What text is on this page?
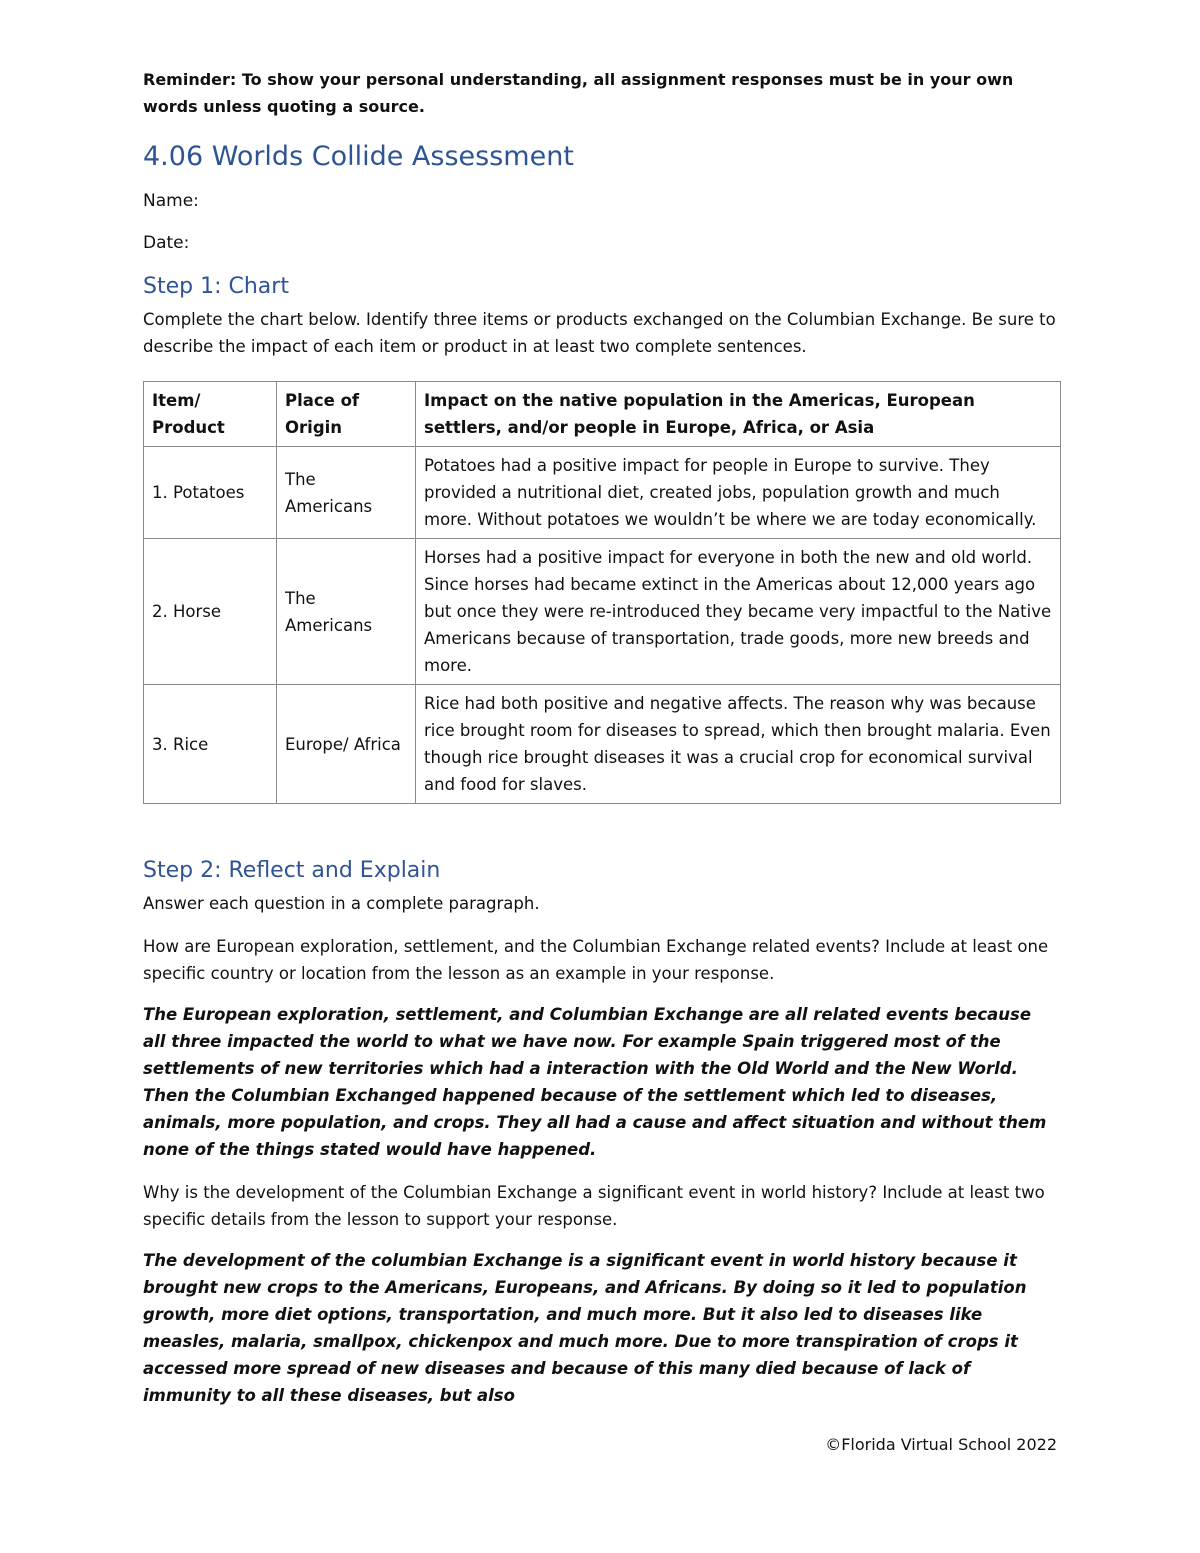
Reminder: To show your personal understanding, all assignment responses must be in your own words unless quoting a source.

4.06 Worlds Collide Assessment

Name:

Date:

Step 1: Chart

Complete the chart below. Identify three items or products exchanged on the Columbian Exchange. Be sure to describe the impact of each item or product in at least two complete sentences.

Item/ Product	Place of Origin	Impact on the native population in the Americas, European settlers, and/or people in Europe, Africa, or Asia
1. Potatoes	The Americans	Potatoes had a positive impact for people in Europe to survive. They provided a nutritional diet, created jobs, population growth and much more. Without potatoes we wouldn’t be where we are today economically.
2. Horse	The Americans	Horses had a positive impact for everyone in both the new and old world. Since horses had became extinct in the Americas about 12,000 years ago but once they were re-introduced they became very impactful to the Native Americans because of transportation, trade goods, more new breeds and more.
3. Rice	Europe/ Africa	Rice had both positive and negative affects. The reason why was because rice brought room for diseases to spread, which then brought malaria. Even though rice brought diseases it was a crucial crop for economical survival and food for slaves.
Step 2: Reflect and Explain

Answer each question in a complete paragraph.

How are European exploration, settlement, and the Columbian Exchange related events? Include at least one specific country or location from the lesson as an example in your response.

The European exploration, settlement, and Columbian Exchange are all related events because all three impacted the world to what we have now. For example Spain triggered most of the settlements of new territories which had a interaction with the Old World and the New World. Then the Columbian Exchanged happened because of the settlement which led to diseases, animals, more population, and crops. They all had a cause and affect situation and without them none of the things stated would have happened.

Why is the development of the Columbian Exchange a significant event in world history? Include at least two specific details from the lesson to support your response.

The development of the columbian Exchange is a significant event in world history because it brought new crops to the Americans, Europeans, and Africans. By doing so it led to population growth, more diet options, transportation, and much more. But it also led to diseases like measles, malaria, smallpox, chickenpox and much more. Due to more transpiration of crops it accessed more spread of new diseases and because of this many died because of lack of immunity to all these diseases, but also

©Florida Virtual School 2022
